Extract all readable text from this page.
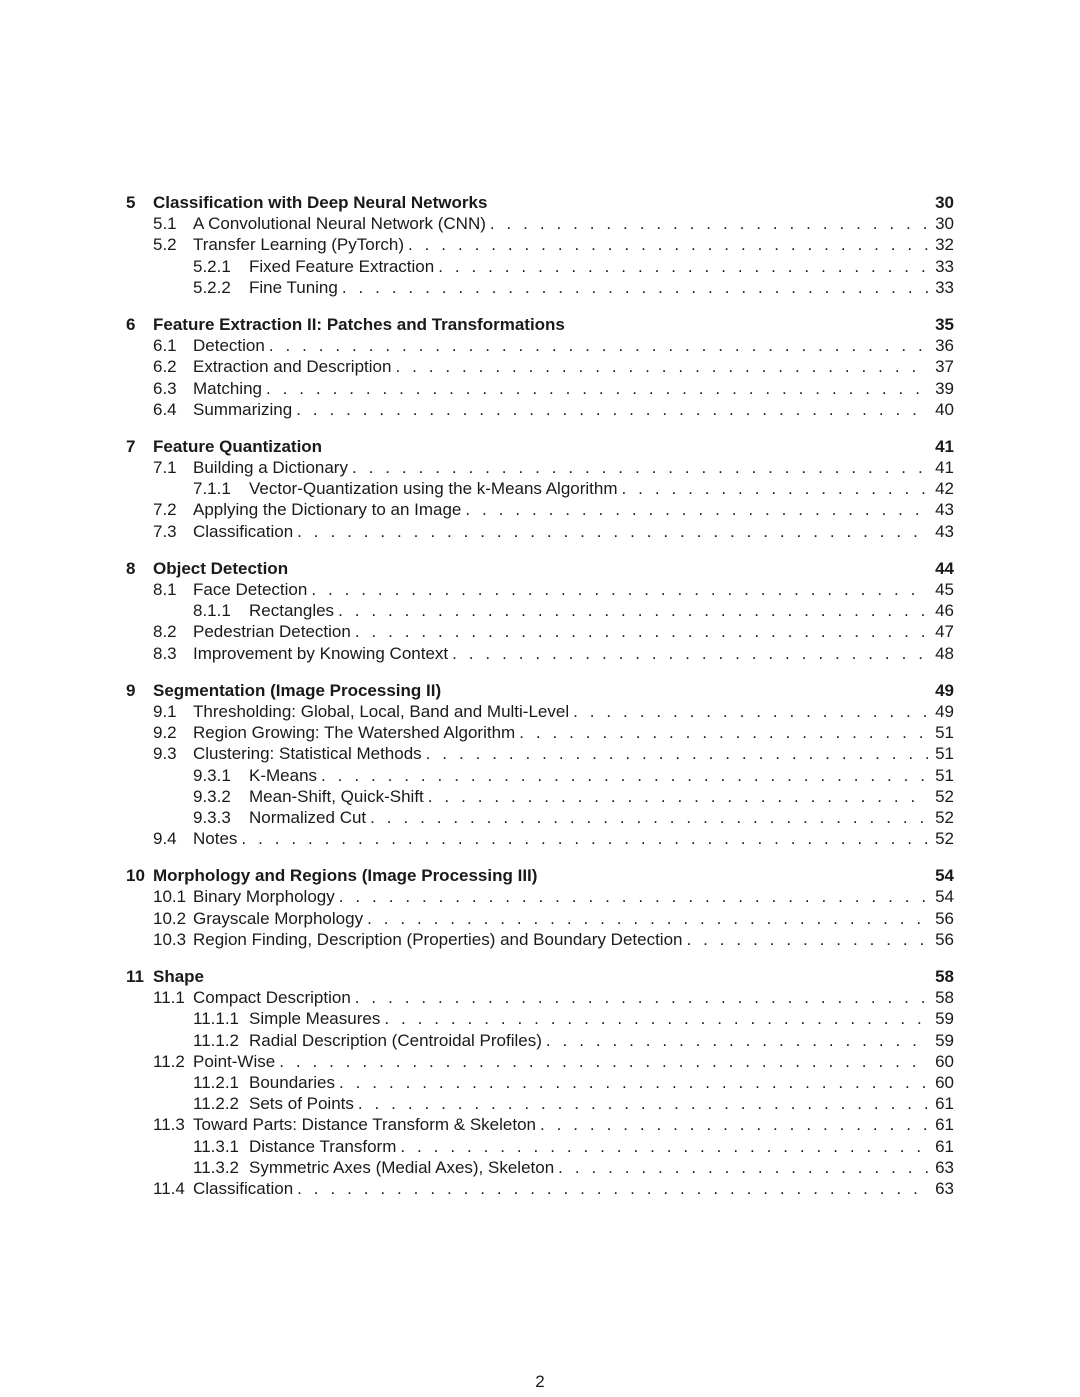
5	Classification with Deep Neural Networks	30
5.1 A Convolutional Neural Network (CNN) . . .	30
5.2 Transfer Learning (PyTorch) . . .	32
5.2.1	Fixed Feature Extraction . . .	33
5.2.2	Fine Tuning . . .	33
6	Feature Extraction II: Patches and Transformations	35
6.1 Detection . . .	36
6.2 Extraction and Description . . .	37
6.3 Matching . . .	39
6.4 Summarizing . . .	40
7	Feature Quantization	41
7.1 Building a Dictionary . . .	41
7.1.1	Vector-Quantization using the k-Means Algorithm . . .	42
7.2 Applying the Dictionary to an Image . . .	43
7.3 Classification . . .	43
8	Object Detection	44
8.1 Face Detection . . .	45
8.1.1	Rectangles . . .	46
8.2 Pedestrian Detection . . .	47
8.3 Improvement by Knowing Context . . .	48
9	Segmentation (Image Processing II)	49
9.1 Thresholding: Global, Local, Band and Multi-Level . . .	49
9.2 Region Growing: The Watershed Algorithm . . .	51
9.3 Clustering: Statistical Methods . . .	51
9.3.1	K-Means . . .	51
9.3.2	Mean-Shift, Quick-Shift . . .	52
9.3.3	Normalized Cut . . .	52
9.4 Notes . . .	52
10 Morphology and Regions (Image Processing III)	54
10.1 Binary Morphology . . .	54
10.2 Grayscale Morphology . . .	56
10.3 Region Finding, Description (Properties) and Boundary Detection . . .	56
11 Shape	58
11.1 Compact Description . . .	58
11.1.1 Simple Measures . . .	59
11.1.2 Radial Description (Centroidal Profiles) . . .	59
11.2 Point-Wise . . .	60
11.2.1 Boundaries . . .	60
11.2.2 Sets of Points . . .	61
11.3 Toward Parts: Distance Transform & Skeleton . . .	61
11.3.1 Distance Transform . . .	61
11.3.2 Symmetric Axes (Medial Axes), Skeleton . . .	63
11.4 Classification . . .	63
2
